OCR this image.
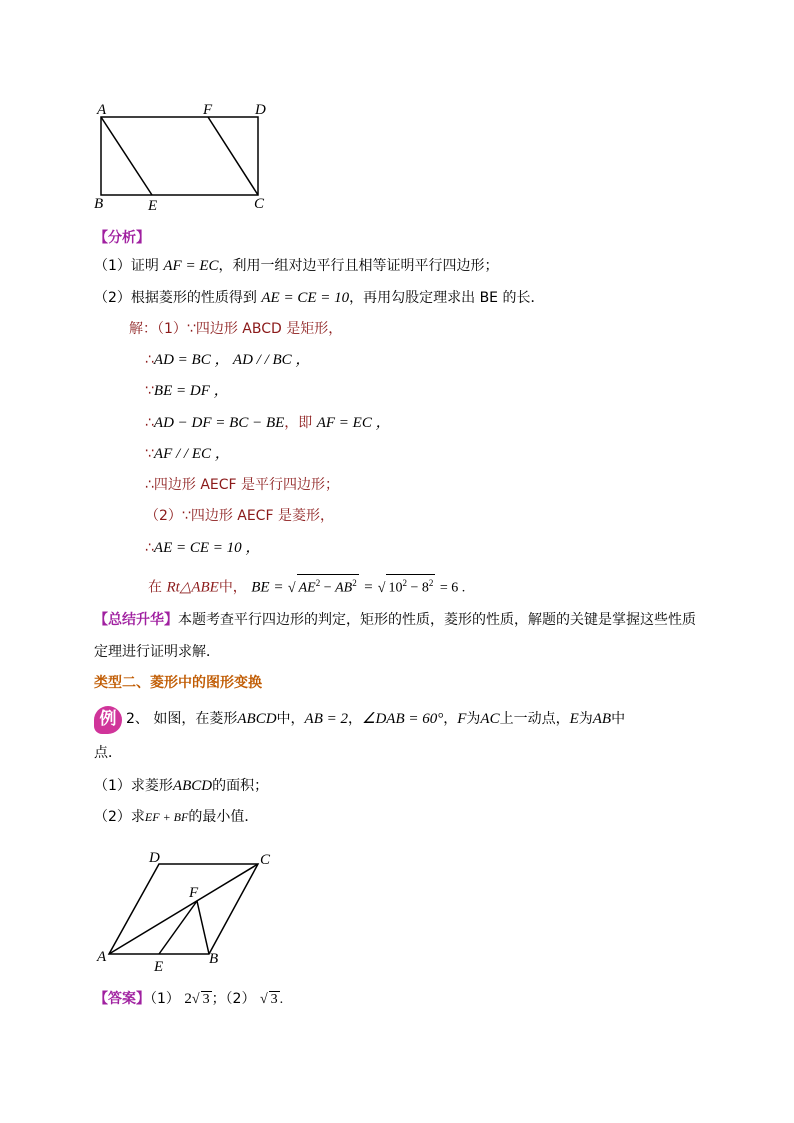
A	F	D
B	E	C
【分析】
（1）证明 AF = EC，利用一组对边平行且相等证明平行四边形；
（2）根据菱形的性质得到 AE = CE = 10，再用勾股定理求出 BE 的长．
解：（1）∵四边形 ABCD 是矩形，
∴AD = BC ， AD / / BC ，
∵BE = DF ，
∴AD − DF = BC − BE，即 AF = EC ，
∵AF / / EC ，
∴四边形 AECF 是平行四边形；
（2）∵四边形 AECF 是菱形，
∴AE = CE = 10 ，
在 Rt△ABE中， BE = √ $AE^2 - AB^2$ = √ $10^2 - 8^2 = 6$ .
【总结升华】本题考查平行四边形的判定，矩形的性质，菱形的性质，解题的关键是掌握这些性质
定理进行证明求解．
类型二、菱形中的图形变换
例 2、 如图，在菱形ABCD中，AB = 2，∠DAB = 60°，F为AC上一动点，E为AB中
点．
（1）求菱形ABCD的面积；
（2）求EF + BF的最小值．
D	C
F
A
E	B
【答案】（1） 2√ 3 ；（2） √ 3 .
